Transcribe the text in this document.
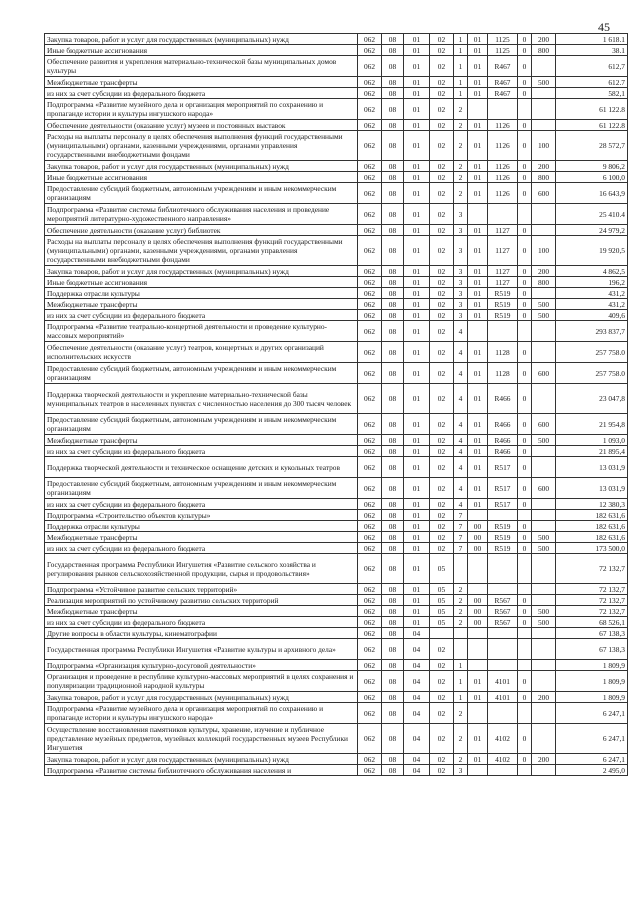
45
Закупка товаров, работ и услуг для государственных (муниципальных) нужд	062	08	01	02	1	01	1125	0	200	1 618.1
Иные бюджетные ассигнования	062	08	01	02	1	01	1125	0	800	38.1
Обеспечение развития и укрепления материально-технической базы муниципальных домов культуры	062	08	01	02	1	01	R467	0		612,7
Межбюджетные трансферты	062	08	01	02	1	01	R467	0	500	612.7
из них за счет субсидии из федерального бюджета	062	08	01	02	1	01	R467	0		582,1
Подпрограмма «Развитие музейного дела и организация мероприятий по сохранению и пропаганде истории и культуры ингушского народа»	062	08	01	02	2					61 122.8
Обеспечение деятельности (оказание услуг) музеев и постоянных выставок	062	08	01	02	2	01	1126	0		61 122.8
Расходы на выплаты персоналу в целях обеспечения выполнения функций государственными (муниципальными) органами, казенными учреждениями, органами управления государственными внебюджетными фондами	062	08	01	02	2	01	1126	0	100	28 572,7
Закупка товаров, работ и услуг для государственных (муниципальных) нужд	062	08	01	02	2	01	1126	0	200	9 806,2
Иные бюджетные ассигнования	062	08	01	02	2	01	1126	0	800	6 100,0
Предоставление субсидий бюджетным, автономным учреждениям и иным некоммерческим организациям	062	08	01	02	2	01	1126	0	600	16 643,9
Подпрограмма «Развитие системы библиотечного обслуживания населения и проведение мероприятий литературно-художественного направления»	062	08	01	02	3					25 410.4
Обеспечение деятельности (оказание услуг) библиотек	062	08	01	02	3	01	1127	0		24 979,2
Расходы на выплаты персоналу в целях обеспечения выполнения функций государственными (муниципальными) органами, казенными учреждениями, органами управления государственными внебюджетными фондами	062	08	01	02	3	01	1127	0	100	19 920,5
Закупка товаров, работ и услуг для государственных (муниципальных) нужд	062	08	01	02	3	01	1127	0	200	4 862,5
Иные бюджетные ассигнования	062	08	01	02	3	01	1127	0	800	196,2
Поддержка отрасли культуры	062	08	01	02	3	01	R519	0		431,2
Межбюджетные трансферты	062	08	01	02	3	01	R519	0	500	431,2
из них за счет субсидии из федерального бюджета	062	08	01	02	3	01	R519	0	500	409,6
Подпрограмма «Развитие театрально-концертной деятельности и проведение культурно-массовых мероприятий»	062	08	01	02	4					293 837,7
Обеспечение деятельности (оказание услуг) театров, концертных и других организаций исполнительских искусств	062	08	01	02	4	01	1128	0		257 758.0
Предоставление субсидий бюджетным, автономным учреждениям и иным некоммерческим организациям	062	08	01	02	4	01	1128	0	600	257 758.0
Поддержка творческой деятельности и укрепление материально-технической базы муниципальных театров в населенных пунктах с численностью населения до 300 тысяч человек	062	08	01	02	4	01	R466	0		23 047,8
Предоставление субсидий бюджетным, автономным учреждениям и иным некоммерческим организациям	062	08	01	02	4	01	R466	0	600	21 954,8
Межбюджетные трансферты	062	08	01	02	4	01	R466	0	500	1 093,0
из них за счет субсидии из федерального бюджета	062	08	01	02	4	01	R466	0		21 895,4
Поддержка творческой деятельности и техническое оснащение детских и кукольных театров	062	08	01	02	4	01	R517	0		13 031,9
Предоставление субсидий бюджетным, автономным учреждениям и иным некоммерческим организациям	062	08	01	02	4	01	R517	0	600	13 031,9
из них за счет субсидии из федерального бюджета	062	08	01	02	4	01	R517	0		12 380,3
Подпрограмма «Строительство объектов культуры»	062	08	01	02	7					182 631,6
Поддержка отрасли культуры	062	08	01	02	7	00	R519	0		182 631,6
Межбюджетные трансферты	062	08	01	02	7	00	R519	0	500	182 631,6
из них за счет субсидии из федерального бюджета	062	08	01	02	7	00	R519	0	500	173 500,0
Государственная программа Республики Ингушетия «Развитие сельского хозяйства и регулирования рынков сельскохозяйственной продукции, сырья и продовольствия»	062	08	01	05						72 132,7
Подпрограмма «Устойчивое развитие сельских территорий»	062	08	01	05	2					72 132,7
Реализация мероприятий по устойчивому развитию сельских территорий	062	08	01	05	2	00	R567	0		72 132,7
Межбюджетные трансферты	062	08	01	05	2	00	R567	0	500	72 132,7
из них за счет субсидии из федерального бюджета	062	08	01	05	2	00	R567	0	500	68 526,1
Другие вопросы в области культуры, кинематографии	062	08	04							67 138,3
Государственная программа Республики Ингушетия «Развитие культуры и архивного дела»	062	08	04	02						67 138,3
Подпрограмма «Организация культурно-досуговой деятельности»	062	08	04	02	1					1 809,9
Организация и проведение в республике культурно-массовых мероприятий в целях сохранения и популяризации традиционной народной культуры	062	08	04	02	1	01	4101	0		1 809,9
Закупка товаров, работ и услуг для государственных (муниципальных) нужд	062	08	04	02	1	01	4101	0	200	1 809,9
Подпрограмма «Развитие музейного дела и организация мероприятий по сохранению и пропаганде истории и культуры ингушского народа»	062	08	04	02	2					6 247,1
Осуществление восстановления памятников культуры, хранение, изучение и публичное представление музейных предметов, музейных коллекций государственных музеев Республики Ингушетия	062	08	04	02	2	01	4102	0		6 247,1
Закупка товаров, работ и услуг для государственных (муниципальных) нужд	062	08	04	02	2	01	4102	0	200	6 247,1
Подпрограмма «Развитие системы библиотечного обслуживания населения и	062	08	04	02	3					2 495,0
